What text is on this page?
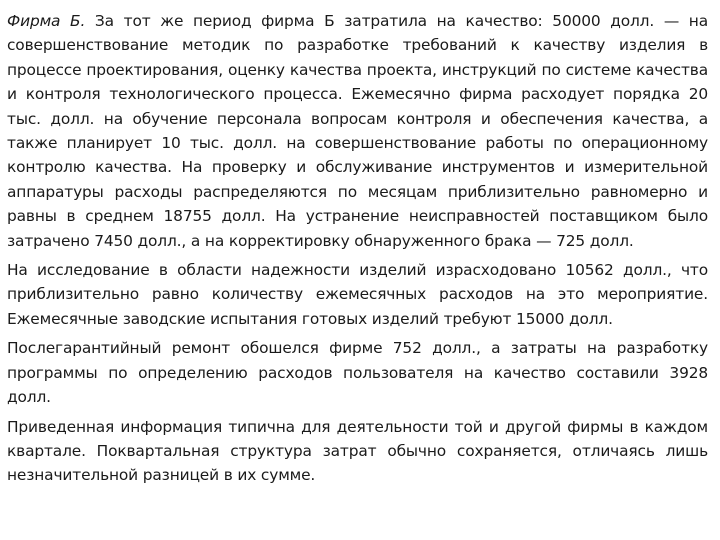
Фирма Б. За тот же период фирма Б затратила на качество: 50000 долл. — на совершенствование методик по разработке требований к качеству изделия в процессе проектирования, оценку качества проекта, инструкций по системе качества и контроля технологического процесса. Ежемесячно фирма расходует порядка 20 тыс. долл. на обучение персонала вопросам контроля и обеспечения качества, а также планирует 10 тыс. долл. на совершенствование работы по операционному контролю качества. На проверку и обслуживание инструментов и измерительной аппаратуры расходы распределяются по месяцам приблизительно равномерно и равны в среднем 18755 долл. На устранение неисправностей поставщиком было затрачено 7450 долл., а на корректировку обнаруженного брака — 725 долл.

На исследование в области надежности изделий израсходовано 10562 долл., что приблизительно равно количеству ежемесячных расходов на это мероприятие. Ежемесячные заводские испытания готовых изделий требуют 15000 долл.

Послегарантийный ремонт обошелся фирме 752 долл., а затраты на разработку программы по определению расходов пользователя на качество составили 3928 долл.

Приведенная информация типична для деятельности той и другой фирмы в каждом квартале. Поквартальная структура затрат обычно сохраняется, отличаясь лишь незначительной разницей в их сумме.
